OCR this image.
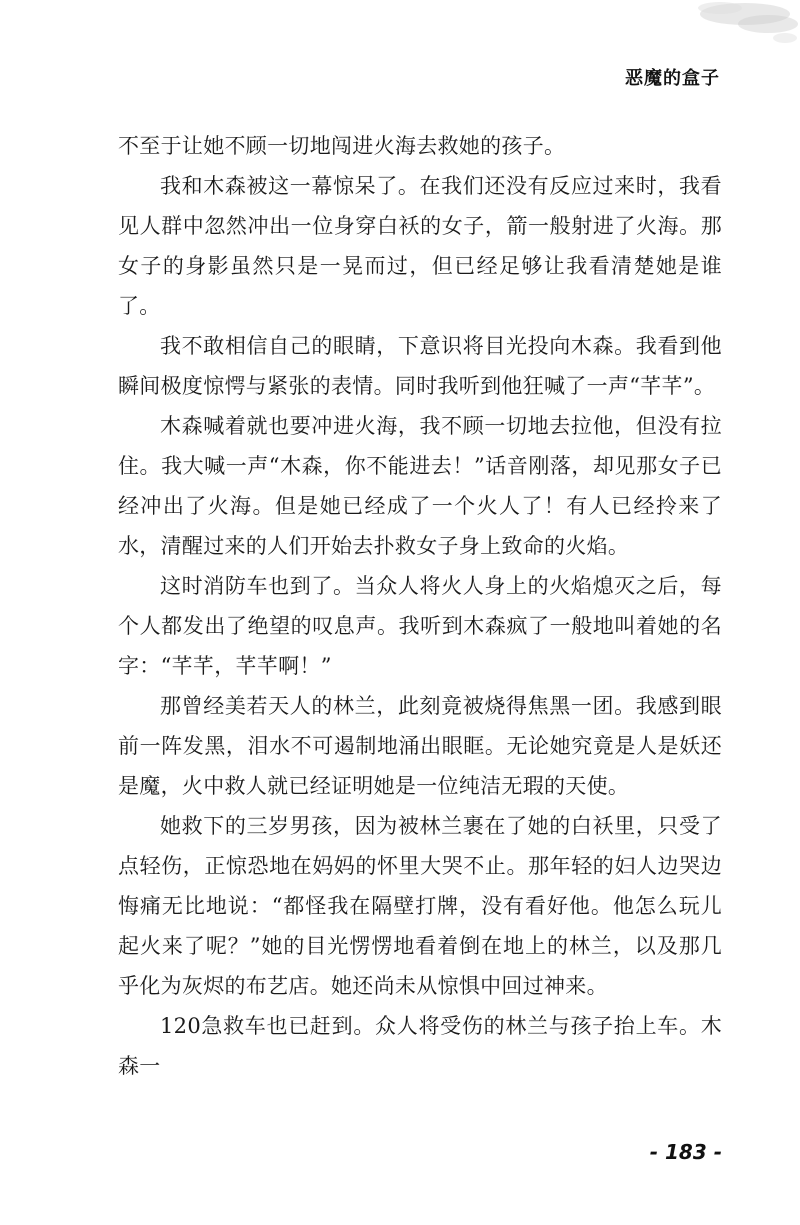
恶魔的盒子

不至于让她不顾一切地闯进火海去救她的孩子。

我和木森被这一幕惊呆了。在我们还没有反应过来时，我看见人群中忽然冲出一位身穿白袄的女子，箭一般射进了火海。那女子的身影虽然只是一晃而过，但已经足够让我看清楚她是谁了。

我不敢相信自己的眼睛，下意识将目光投向木森。我看到他瞬间极度惊愕与紧张的表情。同时我听到他狂喊了一声“芊芊”。

木森喊着就也要冲进火海，我不顾一切地去拉他，但没有拉住。我大喊一声“木森，你不能进去！”话音刚落，却见那女子已经冲出了火海。但是她已经成了一个火人了！有人已经拎来了水，清醒过来的人们开始去扑救女子身上致命的火焰。

这时消防车也到了。当众人将火人身上的火焰熄灭之后，每个人都发出了绝望的叹息声。我听到木森疯了一般地叫着她的名字：“芊芊，芊芊啊！”

那曾经美若天人的林兰，此刻竟被烧得焦黑一团。我感到眼前一阵发黑，泪水不可遏制地涌出眼眶。无论她究竟是人是妖还是魔，火中救人就已经证明她是一位纯洁无瑕的天使。

她救下的三岁男孩，因为被林兰裹在了她的白袄里，只受了点轻伤，正惊恐地在妈妈的怀里大哭不止。那年轻的妇人边哭边悔痛无比地说：“都怪我在隔壁打牌，没有看好他。他怎么玩儿起火来了呢？”她的目光愣愣地看着倒在地上的林兰，以及那几乎化为灰烬的布艺店。她还尚未从惊惧中回过神来。

120急救车也已赶到。众人将受伤的林兰与孩子抬上车。木森一

- 183 -
